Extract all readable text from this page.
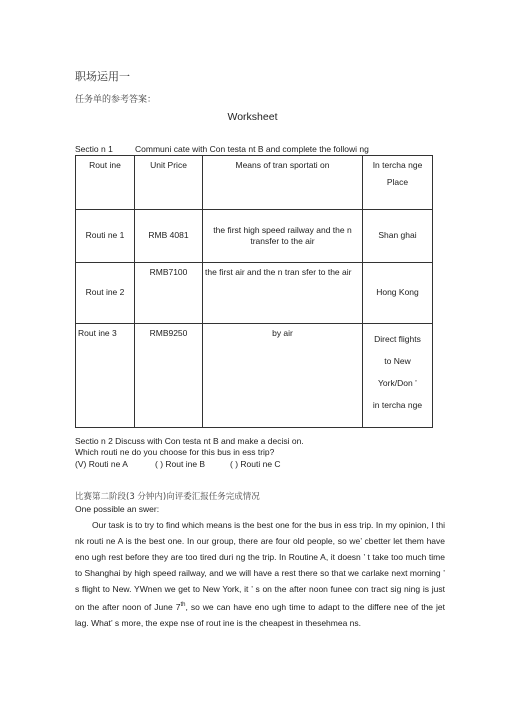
职场运用一
任务单的参考答案：
Worksheet
Sectio n 1	Communi cate with Con testa nt B and complete the followi ng
Rout ine	Unit Price	Means of tran sportati on	In tercha nge
Place

Routi ne 1	RMB 4081	the first high speed railway and the n transfer to the air	Shan ghai
Rout ine 2	RMB7100	the first air and the n tran sfer to the air	Hong Kong
Rout ine 3	RMB9250	by air	Direct flights
to New
York/Don ’
in tercha nge
Sectio n 2 Discuss with Con testa nt B and make a decisi on.
Which routi ne do you choose for this bus in ess trip?
(V) Routi ne A	( ) Rout ine B	( ) Routi ne C
比赛第二阶段(3 分钟内)向评委汇报任务完成情况
One possible an swer:

Our task is to try to find which means is the best one for the bus in ess trip. In my opinion, I thi nk routi ne A is the best one. In our group, there are four old people, so we’ cbetter let them have eno ugh rest before they are too tired duri ng the trip. In Routine A, it doesn ’ t take too much time to Shanghai by high speed railway, and we will have a rest there so that we carlake next morning ’ s flight to New. YWnen we get to New York, it ’ s on the after noon funee con tract sig ning is just on the after noon of June 7th, so we can have eno ugh time to adapt to the differe nee of the jet lag. What’ s more, the expe nse of rout ine is the cheapest in thesehmea ns.
